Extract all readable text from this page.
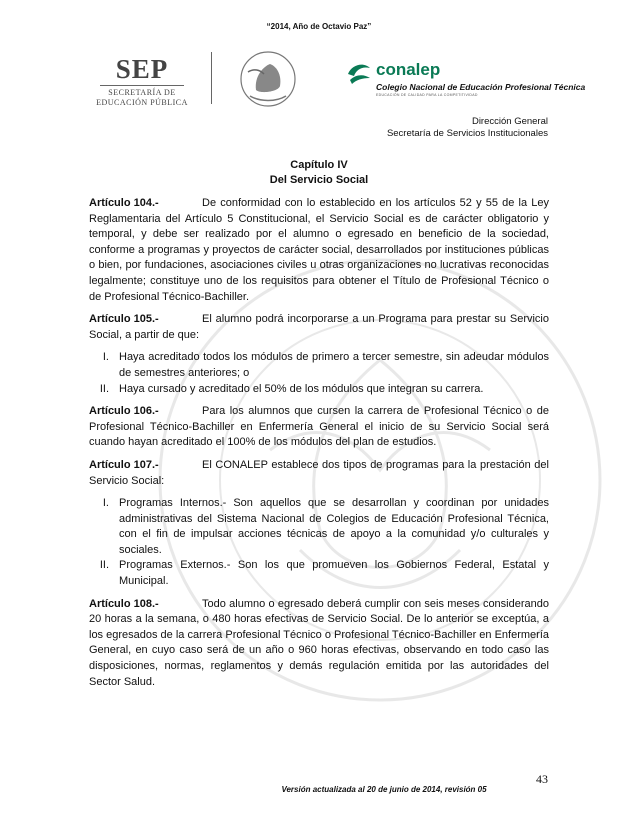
“2014, Año de Octavio Paz”
SEP
SECRETARÍA DE
EDUCACIÓN PÚBLICA
conalep
Colegio Nacional de Educación Profesional Técnica
EDUCACIÓN DE CALIDAD PARA LA COMPETITIVIDAD
Dirección General
Secretaría de Servicios Institucionales
Capítulo IV
Del Servicio Social

Artículo 104.-	De conformidad con lo establecido en los artículos 52 y 55 de la Ley Reglamentaria del Artículo 5 Constitucional, el Servicio Social es de carácter obligatorio y temporal, y debe ser realizado por el alumno o egresado en beneficio de la sociedad, conforme a programas y proyectos de carácter social, desarrollados por instituciones públicas o bien, por fundaciones, asociaciones civiles u otras organizaciones no lucrativas reconocidas legalmente; constituye uno de los requisitos para obtener el Título de Profesional Técnico o de Profesional Técnico-Bachiller.

Artículo 105.-	El alumno podrá incorporarse a un Programa para prestar su Servicio Social, a partir de que:

I. Haya acreditado todos los módulos de primero a tercer semestre, sin adeudar módulos de semestres anteriores; o
II. Haya cursado y acreditado el 50% de los módulos que integran su carrera.

Artículo 106.-	Para los alumnos que cursen la carrera de Profesional Técnico o de Profesional Técnico-Bachiller en Enfermería General el inicio de su Servicio Social será cuando hayan acreditado el 100% de los módulos del plan de estudios.

Artículo 107.-	El CONALEP establece dos tipos de programas para la prestación del Servicio Social:

I. Programas Internos.- Son aquellos que se desarrollan y coordinan por unidades administrativas del Sistema Nacional de Colegios de Educación Profesional Técnica, con el fin de impulsar acciones técnicas de apoyo a la comunidad y/o culturales y sociales.
II. Programas Externos.- Son los que promueven los Gobiernos Federal, Estatal y Municipal.

Artículo 108.-	Todo alumno o egresado deberá cumplir con seis meses considerando 20 horas a la semana, o 480 horas efectivas de Servicio Social. De lo anterior se exceptúa, a los egresados de la carrera Profesional Técnico o Profesional Técnico-Bachiller en Enfermería General, en cuyo caso será de un año o 960 horas efectivas, observando en todo caso las disposiciones, normas, reglamentos y demás regulación emitida por las autoridades del Sector Salud.

43
Versión actualizada al 20 de junio de 2014, revisión 05
